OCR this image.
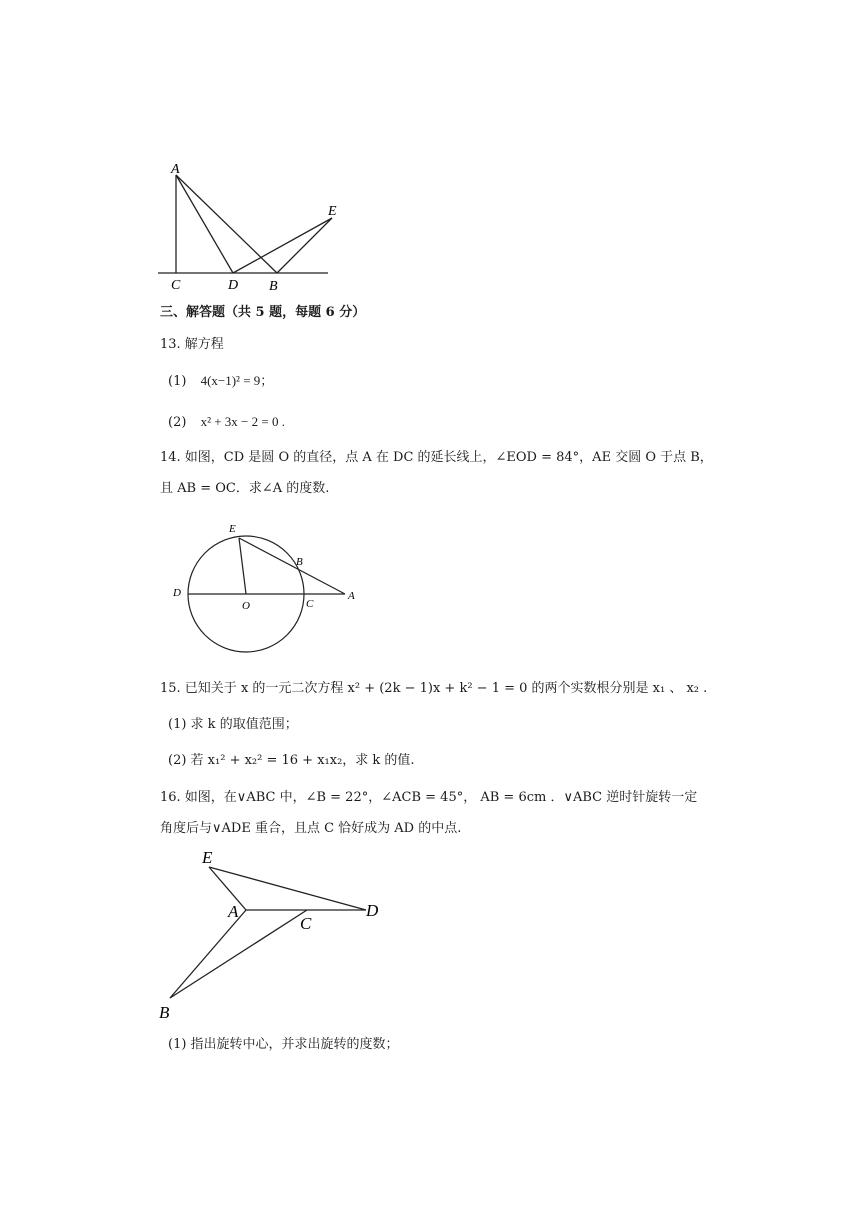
A
C	D B
E
三、解答题（共 5 题，每题 6 分）
13. 解方程
(1) 4(x−1)² = 9；
(2) x² + 3x − 2 = 0 .
14. 如图，CD 是圆 O 的直径，点 A 在 DC 的延长线上，∠EOD = 84°，AE 交圆 O 于点 B，
且 AB = OC．求∠A 的度数.
E
B
D
O	C
A
15. 已知关于 x 的一元二次方程 x² + (2k − 1)x + k² − 1 = 0 的两个实数根分别是 x₁ 、 x₂ .
(1) 求 k 的取值范围；
(2) 若 x₁² + x₂² = 16 + x₁x₂，求 k 的值.
16. 如图，在∨ABC 中，∠B = 22°，∠ACB = 45°， AB = 6cm ．∨ABC 逆时针旋转一定
角度后与∨ADE 重合，且点 C 恰好成为 AD 的中点.
E
A
C
D
B
(1) 指出旋转中心，并求出旋转的度数；
